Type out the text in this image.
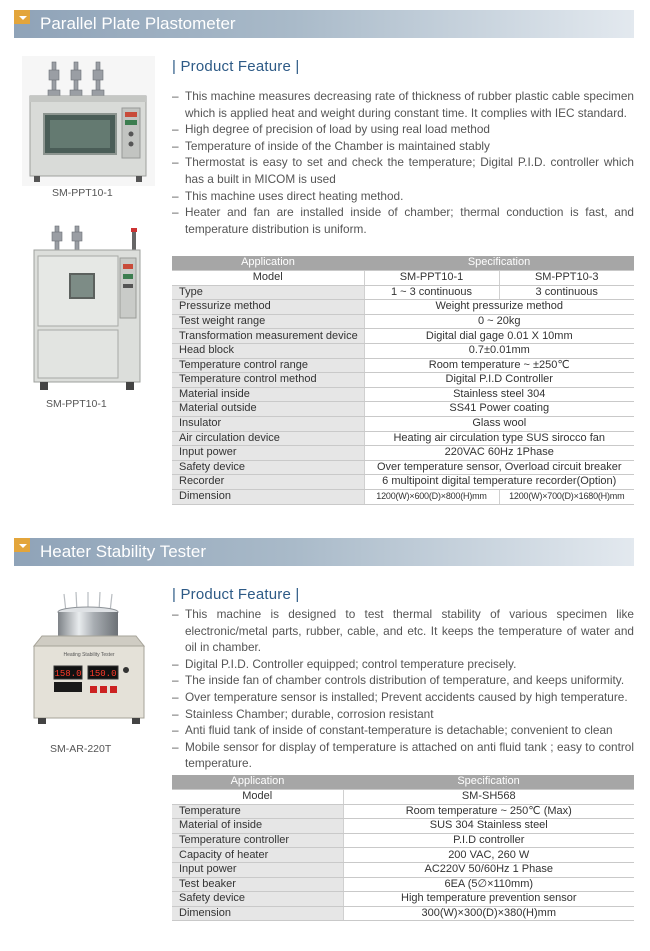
Parallel Plate Plastometer
SM-PPT10-1
SM-PPT10-1
| Product Feature |
– This machine measures decreasing rate of thickness of rubber plastic cable specimen which is applied heat and weight during constant time. It complies with IEC standard.
– High degree of precision of load by using real load method
– Temperature of inside of the Chamber is maintained stably
– Thermostat is easy to set and check the temperature; Digital P.I.D. controller which has a built in MICOM is used
– This machine uses direct heating method.
– Heater and fan are installed inside of chamber; thermal conduction is fast, and temperature distribution is uniform.
Application	Specification	
Model	SM-PPT10-1	SM-PPT10-3
Type	1 ~ 3 continuous	3 continuous
Pressurize method	Weight pressurize method	
Test weight range	0 ~ 20kg	
Transformation measurement device	Digital dial gage 0.01 X 10mm	
Head block	0.7±0.01mm	
Temperature control range	Room temperature ~ ±250℃	
Temperature control method	Digital P.I.D Controller	
Material inside	Stainless steel 304	
Material outside	SS41 Power coating	
Insulator	Glass wool	
Air circulation device	Heating air circulation type SUS sirocco fan	
Input power	220VAC 60Hz 1Phase	
Safety device	Over temperature sensor, Overload circuit breaker	
Recorder	6 multipoint digital temperature recorder(Option)	
Dimension	1200(W)×600(D)×800(H)mm	1200(W)×700(D)×1680(H)mm
Heater Stability Tester
Heating Stability Tester
158.0 150.0
SM-AR-220T
| Product Feature |
– This machine is designed to test thermal stability of various specimen like electronic/metal parts, rubber, cable, and etc. It keeps the temperature of water and oil in chamber.
– Digital P.I.D. Controller equipped; control temperature precisely.
– The inside fan of chamber controls distribution of temperature, and keeps uniformity.
– Over temperature sensor is installed; Prevent accidents caused by high temperature.
– Stainless Chamber; durable, corrosion resistant
– Anti fluid tank of inside of constant-temperature is detachable; convenient to clean
– Mobile sensor for display of temperature is attached on anti fluid tank ; easy to control temperature.
Application	Specification
Model	SM-SH568
Temperature	Room temperature ~ 250℃ (Max)
Material of inside	SUS 304 Stainless steel
Temperature controller	P.I.D controller
Capacity of heater	200 VAC, 260 W
Input power	AC220V 50/60Hz 1 Phase
Test beaker	6EA (5∅×110mm)
Safety device	High temperature prevention sensor
Dimension	300(W)×300(D)×380(H)mm
